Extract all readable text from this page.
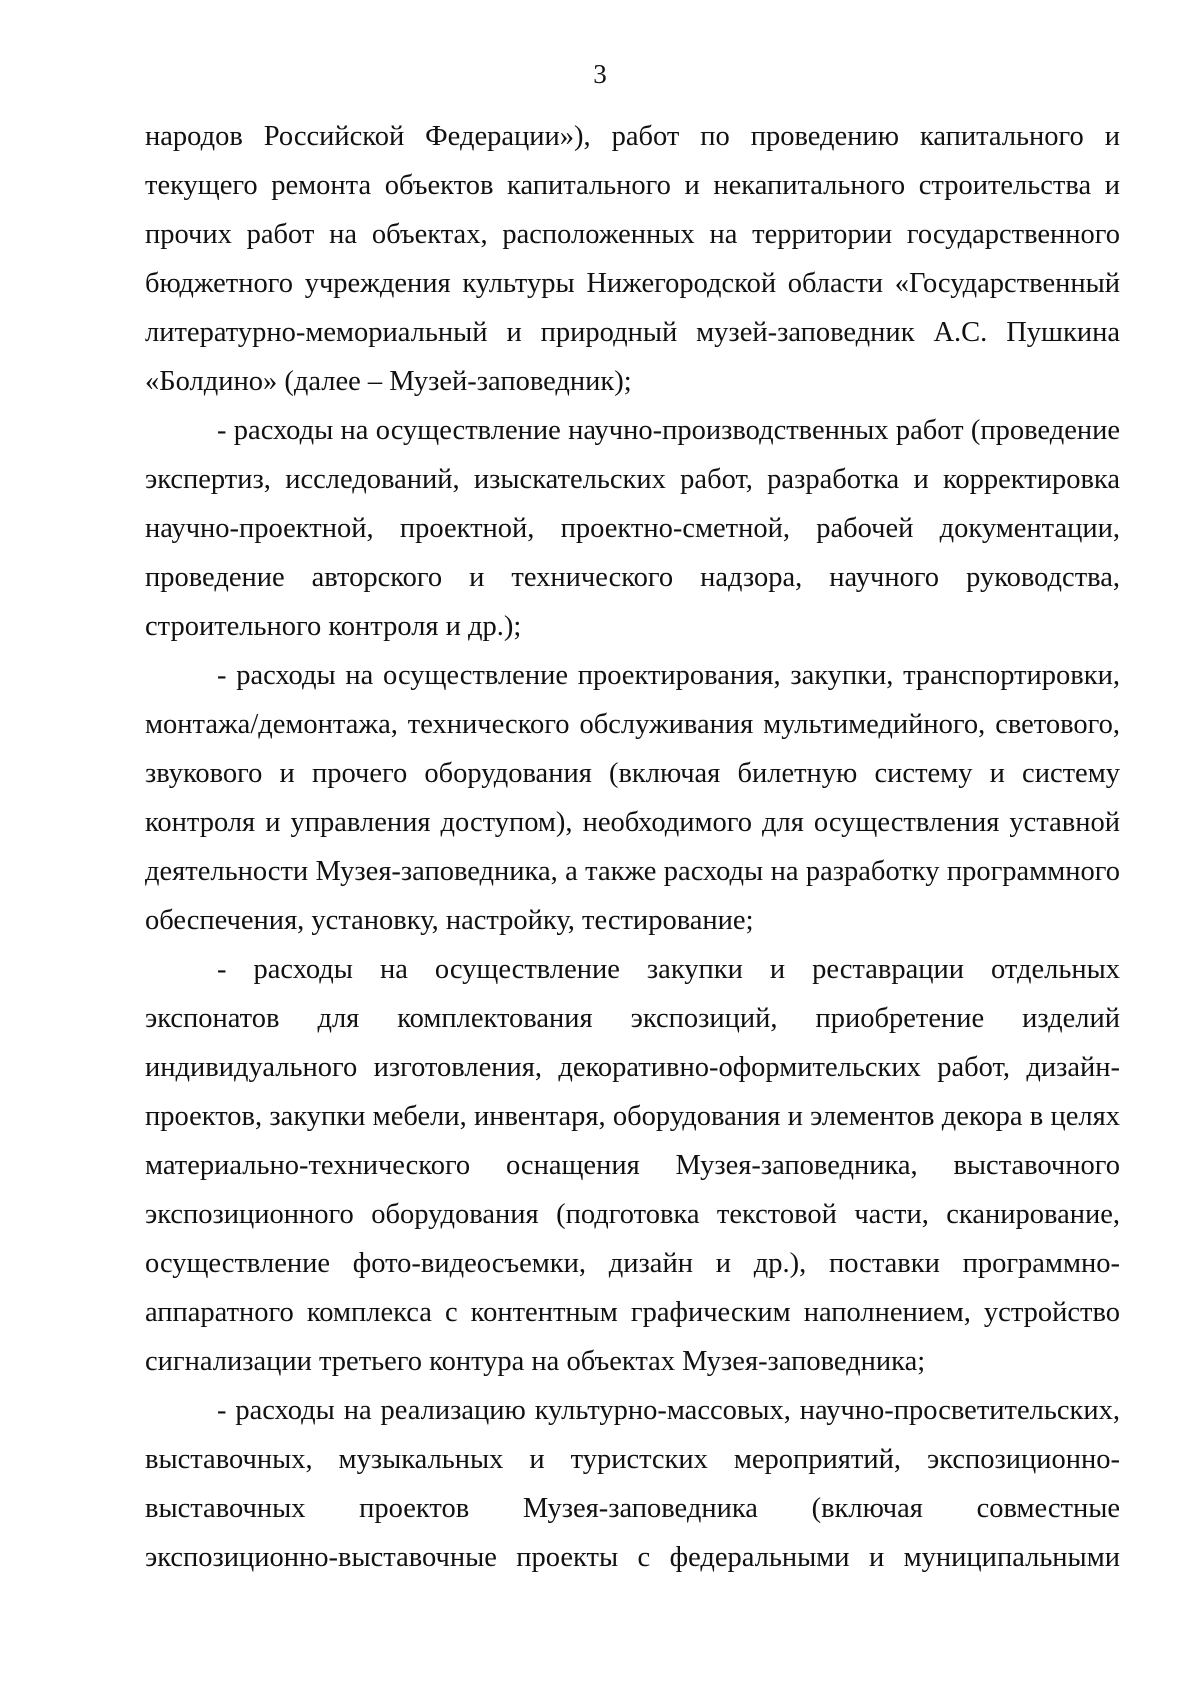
3

народов Российской Федерации»), работ по проведению капитального и текущего ремонта объектов капитального и некапитального строительства и прочих работ на объектах, расположенных на территории государственного бюджетного учреждения культуры Нижегородской области «Государственный литературно-мемориальный и природный музей-заповедник А.С. Пушкина «Болдино» (далее – Музей-заповедник);

- расходы на осуществление научно-производственных работ (проведение экспертиз, исследований, изыскательских работ, разработка и корректировка научно-проектной, проектной, проектно-сметной, рабочей документации, проведение авторского и технического надзора, научного руководства, строительного контроля и др.);

- расходы на осуществление проектирования, закупки, транспортировки, монтажа/демонтажа, технического обслуживания мультимедийного, светового, звукового и прочего оборудования (включая билетную систему и систему контроля и управления доступом), необходимого для осуществления уставной деятельности Музея-заповедника, а также расходы на разработку программного обеспечения, установку, настройку, тестирование;

- расходы на осуществление закупки и реставрации отдельных экспонатов для комплектования экспозиций, приобретение изделий индивидуального изготовления, декоративно-оформительских работ, дизайн-проектов, закупки мебели, инвентаря, оборудования и элементов декора в целях материально-технического оснащения Музея-заповедника, выставочного экспозиционного оборудования (подготовка текстовой части, сканирование, осуществление фото-видеосъемки, дизайн и др.), поставки программно-аппаратного комплекса с контентным графическим наполнением, устройство сигнализации третьего контура на объектах Музея-заповедника;

- расходы на реализацию культурно-массовых, научно-просветительских, выставочных, музыкальных и туристских мероприятий, экспозиционно-выставочных проектов Музея-заповедника (включая совместные экспозиционно-выставочные проекты с федеральными и муниципальными
